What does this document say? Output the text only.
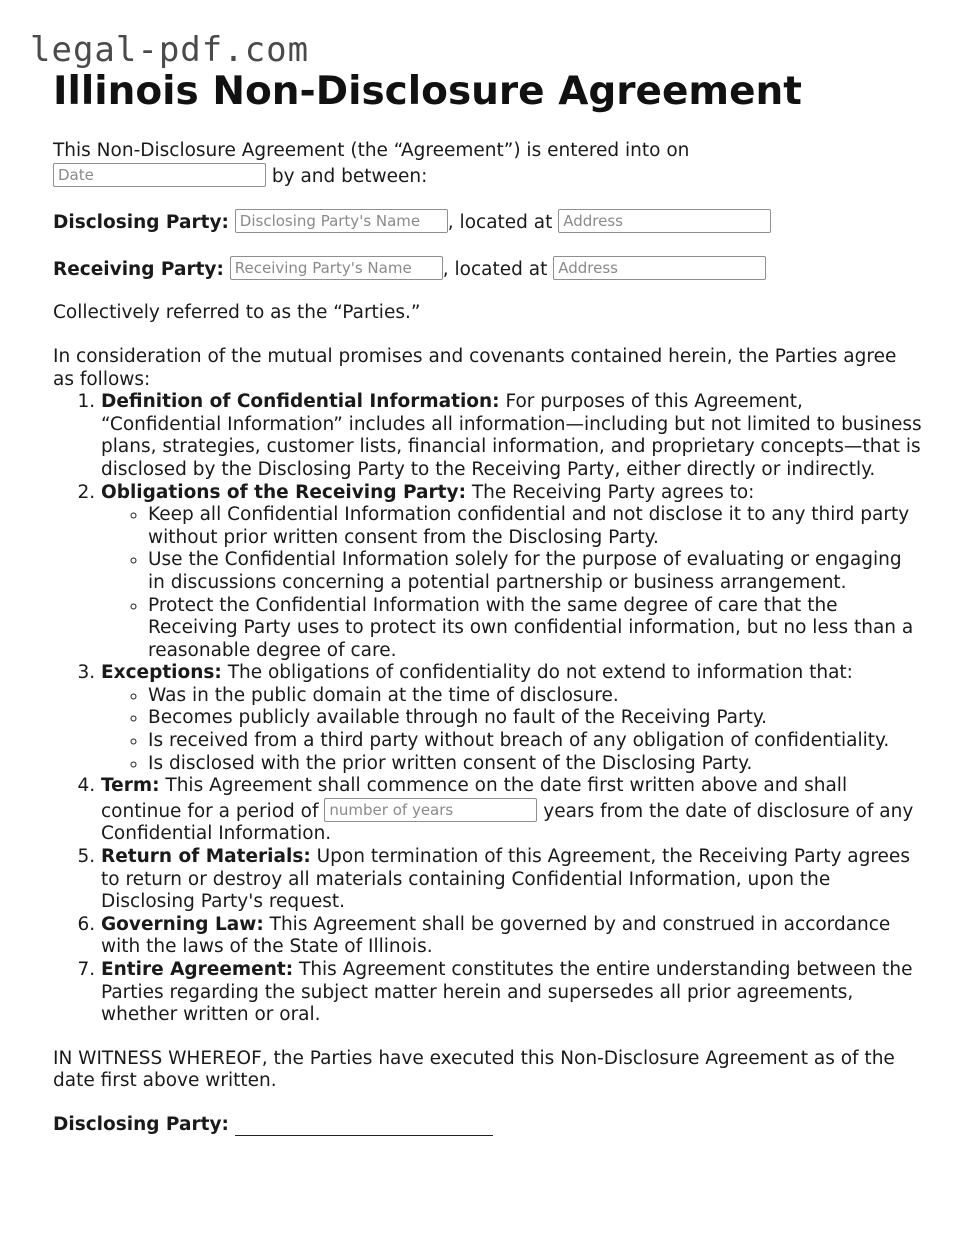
legal-pdf.com
Illinois Non-Disclosure Agreement

This Non-Disclosure Agreement (the “Agreement”) is entered into on
Date	by and between:

Disclosing Party: Disclosing Party's Name , located at Address

Receiving Party: Receiving Party's Name , located at Address

Collectively referred to as the “Parties.”

In consideration of the mutual promises and covenants contained herein, the Parties agree as follows:

1. Definition of Confidential Information: For purposes of this Agreement, “Confidential Information” includes all information—including but not limited to business plans, strategies, customer lists, financial information, and proprietary concepts—that is disclosed by the Disclosing Party to the Receiving Party, either directly or indirectly.
2. Obligations of the Receiving Party: The Receiving Party agrees to:
◦ Keep all Confidential Information confidential and not disclose it to any third party without prior written consent from the Disclosing Party.
◦ Use the Confidential Information solely for the purpose of evaluating or engaging in discussions concerning a potential partnership or business arrangement.
◦ Protect the Confidential Information with the same degree of care that the Receiving Party uses to protect its own confidential information, but no less than a reasonable degree of care.
3. Exceptions: The obligations of confidentiality do not extend to information that:
◦ Was in the public domain at the time of disclosure.
◦ Becomes publicly available through no fault of the Receiving Party.
◦ Is received from a third party without breach of any obligation of confidentiality.
◦ Is disclosed with the prior written consent of the Disclosing Party.
4. Term: This Agreement shall commence on the date first written above and shall continue for a period of number of years	years from the date of disclosure of any Confidential Information.
5. Return of Materials: Upon termination of this Agreement, the Receiving Party agrees to return or destroy all materials containing Confidential Information, upon the Disclosing Party's request.
6. Governing Law: This Agreement shall be governed by and construed in accordance with the laws of the State of Illinois.
7. Entire Agreement: This Agreement constitutes the entire understanding between the Parties regarding the subject matter herein and supersedes all prior agreements, whether written or oral.

IN WITNESS WHEREOF, the Parties have executed this Non-Disclosure Agreement as of the date first above written.

Disclosing Party:
